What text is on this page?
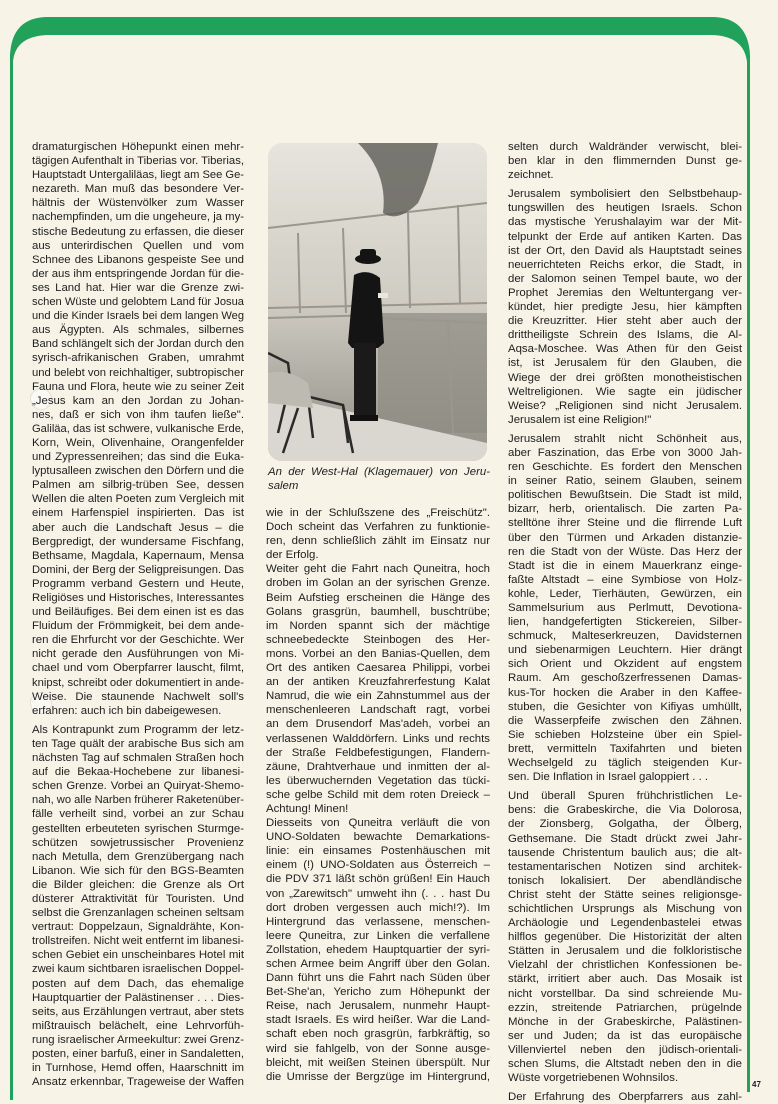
dramaturgischen Höhepunkt einen mehr-
tägigen Aufenthalt in Tiberias vor. Tiberias,
Hauptstadt Untergaliläas, liegt am See Ge-
nezareth. Man muß das besondere Ver-
hältnis der Wüstenvölker zum Wasser
nachempfinden, um die ungeheure, ja my-
stische Bedeutung zu erfassen, die dieser
aus unterirdischen Quellen und vom
Schnee des Libanons gespeiste See und
der aus ihm entspringende Jordan für die-
ses Land hat. Hier war die Grenze zwi-
schen Wüste und gelobtem Land für Josua
und die Kinder Israels bei dem langen Weg
aus Ägypten. Als schmales, silbernes
Band schlängelt sich der Jordan durch den
syrisch-afrikanischen Graben, umrahmt
und belebt von reichhaltiger, subtropischer
Fauna und Flora, heute wie zu seiner Zeit
„Jesus kam an den Jordan zu Johan-
nes, daß er sich von ihm taufen ließe".
Galiläa, das ist schwere, vulkanische Erde,
Korn, Wein, Olivenhaine, Orangenfelder
und Zypressenreihen; das sind die Euka-
lyptusalleen zwischen den Dörfern und die
Palmen am silbrig-trüben See, dessen
Wellen die alten Poeten zum Vergleich mit
einem Harfenspiel inspirierten. Das ist
aber auch die Landschaft Jesus – die
Bergpredigt, der wundersame Fischfang,
Bethsame, Magdala, Kapernaum, Mensa
Domini, der Berg der Seligpreisungen. Das
Programm verband Gestern und Heute,
Religiöses und Historisches, Interessantes
und Beiläufiges. Bei dem einen ist es das
Fluidum der Frömmigkeit, bei dem ande-
ren die Ehrfurcht vor der Geschichte. Wer
nicht gerade den Ausführungen von Mi-
chael und vom Oberpfarrer lauscht, filmt,
knipst, schreibt oder dokumentiert in ande-
Weise. Die staunende Nachwelt soll's
erfahren: auch ich bin dabeigewesen.
Als Kontrapunkt zum Programm der letz-
ten Tage quält der arabische Bus sich am
nächsten Tag auf schmalen Straßen hoch
auf die Bekaa-Hochebene zur libanesi-
schen Grenze. Vorbei an Quiryat-Shemo-
nah, wo alle Narben früherer Raketenüber-
fälle verheilt sind, vorbei an zur Schau
gestellten erbeuteten syrischen Sturmge-
schützen sowjetrussischer Provenienz
nach Metulla, dem Grenzübergang nach
Libanon. Wie sich für den BGS-Beamten
die Bilder gleichen: die Grenze als Ort
düsterer Attraktivität für Touristen. Und
selbst die Grenzanlagen scheinen seltsam
vertraut: Doppelzaun, Signaldrähte, Kon-
trollstreifen. Nicht weit entfernt im libanesi-
schen Gebiet ein unscheinbares Hotel mit
zwei kaum sichtbaren israelischen Doppel-
posten auf dem Dach, das ehemalige
Hauptquartier der Palästinenser . . . Dies-
seits, aus Erzählungen vertraut, aber stets
mißtrauisch belächelt, eine Lehrvorfüh-
rung israelischer Armeekultur: zwei Grenz-
posten, einer barfuß, einer in Sandaletten,
in Turnhose, Hemd offen, Haarschnitt im
Ansatz erkennbar, Trageweise der Waffen
An der West-Hal (Klagemauer) von Jeru-
salem
wie in der Schlußszene des „Freischütz".
Doch scheint das Verfahren zu funktionie-
ren, denn schließlich zählt im Einsatz nur
der Erfolg.
Weiter geht die Fahrt nach Quneitra, hoch
droben im Golan an der syrischen Grenze.
Beim Aufstieg erscheinen die Hänge des
Golans grasgrün, baumhell, buschtrübe;
im Norden spannt sich der mächtige
schneebedeckte Steinbogen des Her-
mons. Vorbei an den Banias-Quellen, dem
Ort des antiken Caesarea Philippi, vorbei
an der antiken Kreuzfahrerfestung Kalat
Namrud, die wie ein Zahnstummel aus der
menschenleeren Landschaft ragt, vorbei
an dem Drusendorf Mas'adeh, vorbei an
verlassenen Walddörfern. Links und rechts
der Straße Feldbefestigungen, Flandern-
zäune, Drahtverhaue und inmitten der al-
les überwuchernden Vegetation das tücki-
sche gelbe Schild mit dem roten Dreieck –
Achtung! Minen!
Diesseits von Quneitra verläuft die von
UNO-Soldaten bewachte Demarkations-
linie: ein einsames Postenhäuschen mit
einem (!) UNO-Soldaten aus Österreich –
die PDV 371 läßt schön grüßen! Ein Hauch
von „Zarewitsch" umweht ihn (. . . hast Du
dort droben vergessen auch mich!?). Im
Hintergrund das verlassene, menschen-
leere Quneitra, zur Linken die verfallene
Zollstation, ehedem Hauptquartier der syri-
schen Armee beim Angriff über den Golan.
Dann führt uns die Fahrt nach Süden über
Bet-She'an, Yericho zum Höhepunkt der
Reise, nach Jerusalem, nunmehr Haupt-
stadt Israels. Es wird heißer. War die Land-
schaft eben noch grasgrün, farbkräftig, so
wird sie fahlgelb, von der Sonne ausge-
bleicht, mit weißen Steinen überspült. Nur
die Umrisse der Bergzüge im Hintergrund,
selten durch Waldränder verwischt, blei-
ben klar in den flimmernden Dunst ge-
zeichnet.
Jerusalem symbolisiert den Selbstbehaup-
tungswillen des heutigen Israels. Schon
das mystische Yerushalayim war der Mit-
telpunkt der Erde auf antiken Karten. Das
ist der Ort, den David als Hauptstadt seines
neuerrichteten Reichs erkor, die Stadt, in
der Salomon seinen Tempel baute, wo der
Prophet Jeremias den Weltuntergang ver-
kündet, hier predigte Jesu, hier kämpften
die Kreuzritter. Hier steht aber auch der
drittheiligste Schrein des Islams, die Al-
Aqsa-Moschee. Was Athen für den Geist
ist, ist Jerusalem für den Glauben, die
Wiege der drei größten monotheistischen
Weltreligionen. Wie sagte ein jüdischer
Weise? „Religionen sind nicht Jerusalem.
Jerusalem ist eine Religion!"
Jerusalem strahlt nicht Schönheit aus,
aber Faszination, das Erbe von 3000 Jah-
ren Geschichte. Es fordert den Menschen
in seiner Ratio, seinem Glauben, seinem
politischen Bewußtsein. Die Stadt ist mild,
bizarr, herb, orientalisch. Die zarten Pa-
stelltöne ihrer Steine und die flirrende Luft
über den Türmen und Arkaden distanzie-
ren die Stadt von der Wüste. Das Herz der
Stadt ist die in einem Mauerkranz einge-
faßte Altstadt – eine Symbiose von Holz-
kohle, Leder, Tierhäuten, Gewürzen, ein
Sammelsurium aus Perlmutt, Devotiona-
lien, handgefertigten Stickereien, Silber-
schmuck, Malteserkreuzen, Davidsternen
und siebenarmigen Leuchtern. Hier drängt
sich Orient und Okzident auf engstem
Raum. Am geschoßzerfressenen Damas-
kus-Tor hocken die Araber in den Kaffee-
stuben, die Gesichter von Kifiyas umhüllt,
die Wasserpfeife zwischen den Zähnen.
Sie schieben Holzsteine über ein Spiel-
brett, vermitteln Taxifahrten und bieten
Wechselgeld zu täglich steigenden Kur-
sen. Die Inflation in Israel galoppiert . . .
Und überall Spuren frühchristlichen Le-
bens: die Grabeskirche, die Via Dolorosa,
der Zionsberg, Golgatha, der Ölberg,
Gethsemane. Die Stadt drückt zwei Jahr-
tausende Christentum baulich aus; die alt-
testamentarischen Notizen sind architek-
tonisch lokalisiert. Der abendländische
Christ steht der Stätte seines religionsge-
schichtlichen Ursprungs als Mischung von
Archäologie und Legendenbastelei etwas
hilflos gegenüber. Die Historizität der alten
Stätten in Jerusalem und die folkloristische
Vielzahl der christlichen Konfessionen be-
stärkt, irritiert aber auch. Das Mosaik ist
nicht vorstellbar. Da sind schreiende Mu-
ezzin, streitende Patriarchen, prügelnde
Mönche in der Grabeskirche, Palästinen-
ser und Juden; da ist das europäische
Villenviertel neben den jüdisch-orientali-
schen Slums, die Altstadt neben den in die
Wüste vorgetriebenen Wohnsilos.
Der Erfahrung des Oberpfarrers aus zahl-
47
